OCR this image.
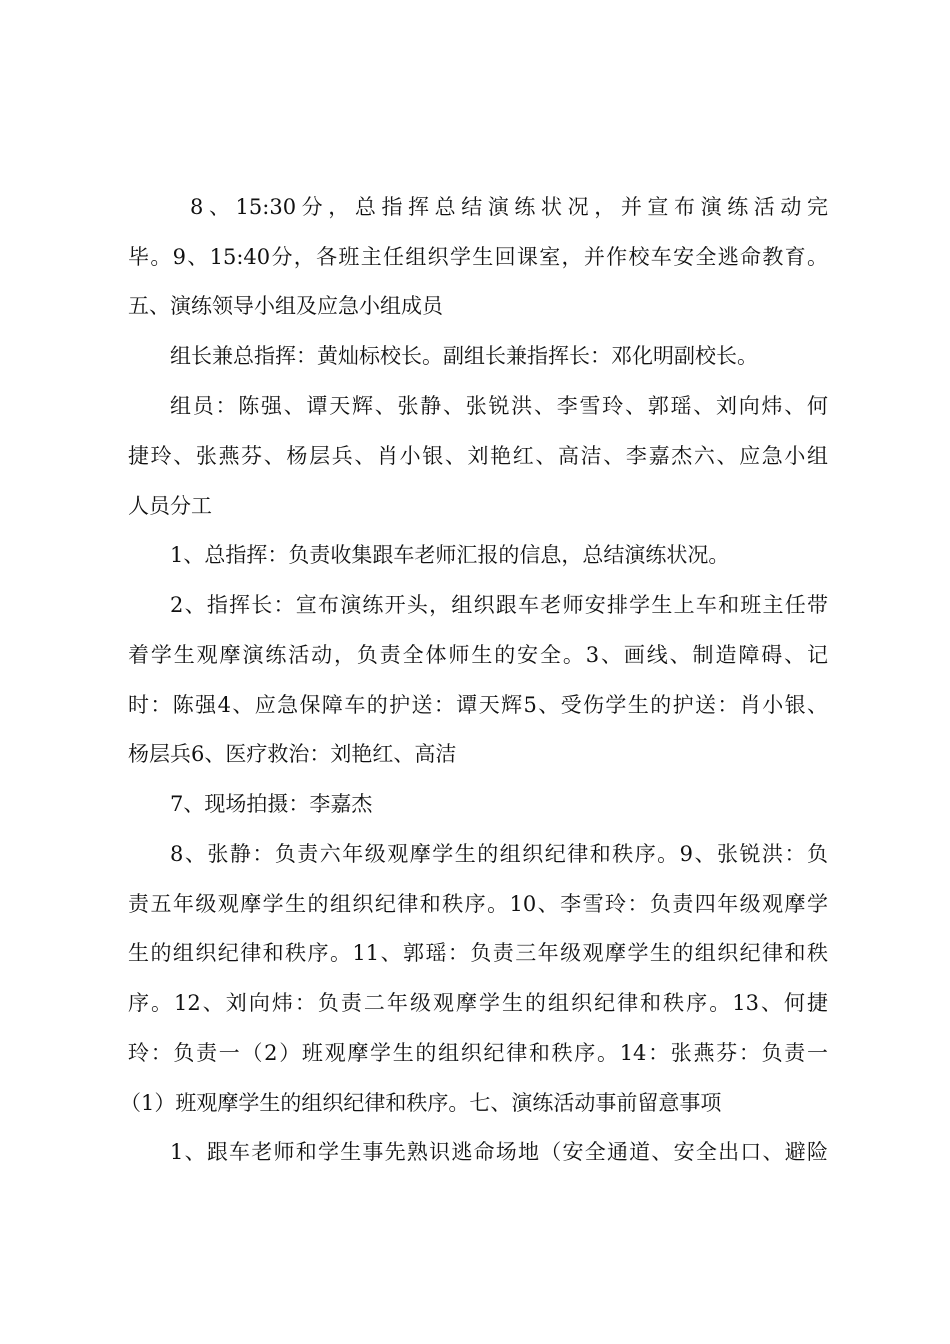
8、15:30分，总指挥总结演练状况，并宣布演练活动完
毕。9、15:40分，各班主任组织学生回课室，并作校车安全逃命教育。
五、演练领导小组及应急小组成员
组长兼总指挥：黄灿标校长。副组长兼指挥长：邓化明副校长。
组员：陈强、谭天辉、张静、张锐洪、李雪玲、郭瑶、刘向炜、何
捷玲、张燕芬、杨层兵、肖小银、刘艳红、高洁、李嘉杰六、应急小组
人员分工
1、总指挥：负责收集跟车老师汇报的信息，总结演练状况。
2、指挥长：宣布演练开头，组织跟车老师安排学生上车和班主任带
着学生观摩演练活动，负责全体师生的安全。3、画线、制造障碍、记
时：陈强4、应急保障车的护送：谭天辉5、受伤学生的护送：肖小银、
杨层兵6、医疗救治：刘艳红、高洁
7、现场拍摄：李嘉杰
8、张静：负责六年级观摩学生的组织纪律和秩序。9、张锐洪：负
责五年级观摩学生的组织纪律和秩序。10、李雪玲：负责四年级观摩学
生的组织纪律和秩序。11、郭瑶：负责三年级观摩学生的组织纪律和秩
序。12、刘向炜：负责二年级观摩学生的组织纪律和秩序。13、何捷
玲：负责一（2）班观摩学生的组织纪律和秩序。14：张燕芬：负责一
（1）班观摩学生的组织纪律和秩序。七、演练活动事前留意事项
1、跟车老师和学生事先熟识逃命场地（安全通道、安全出口、避险
